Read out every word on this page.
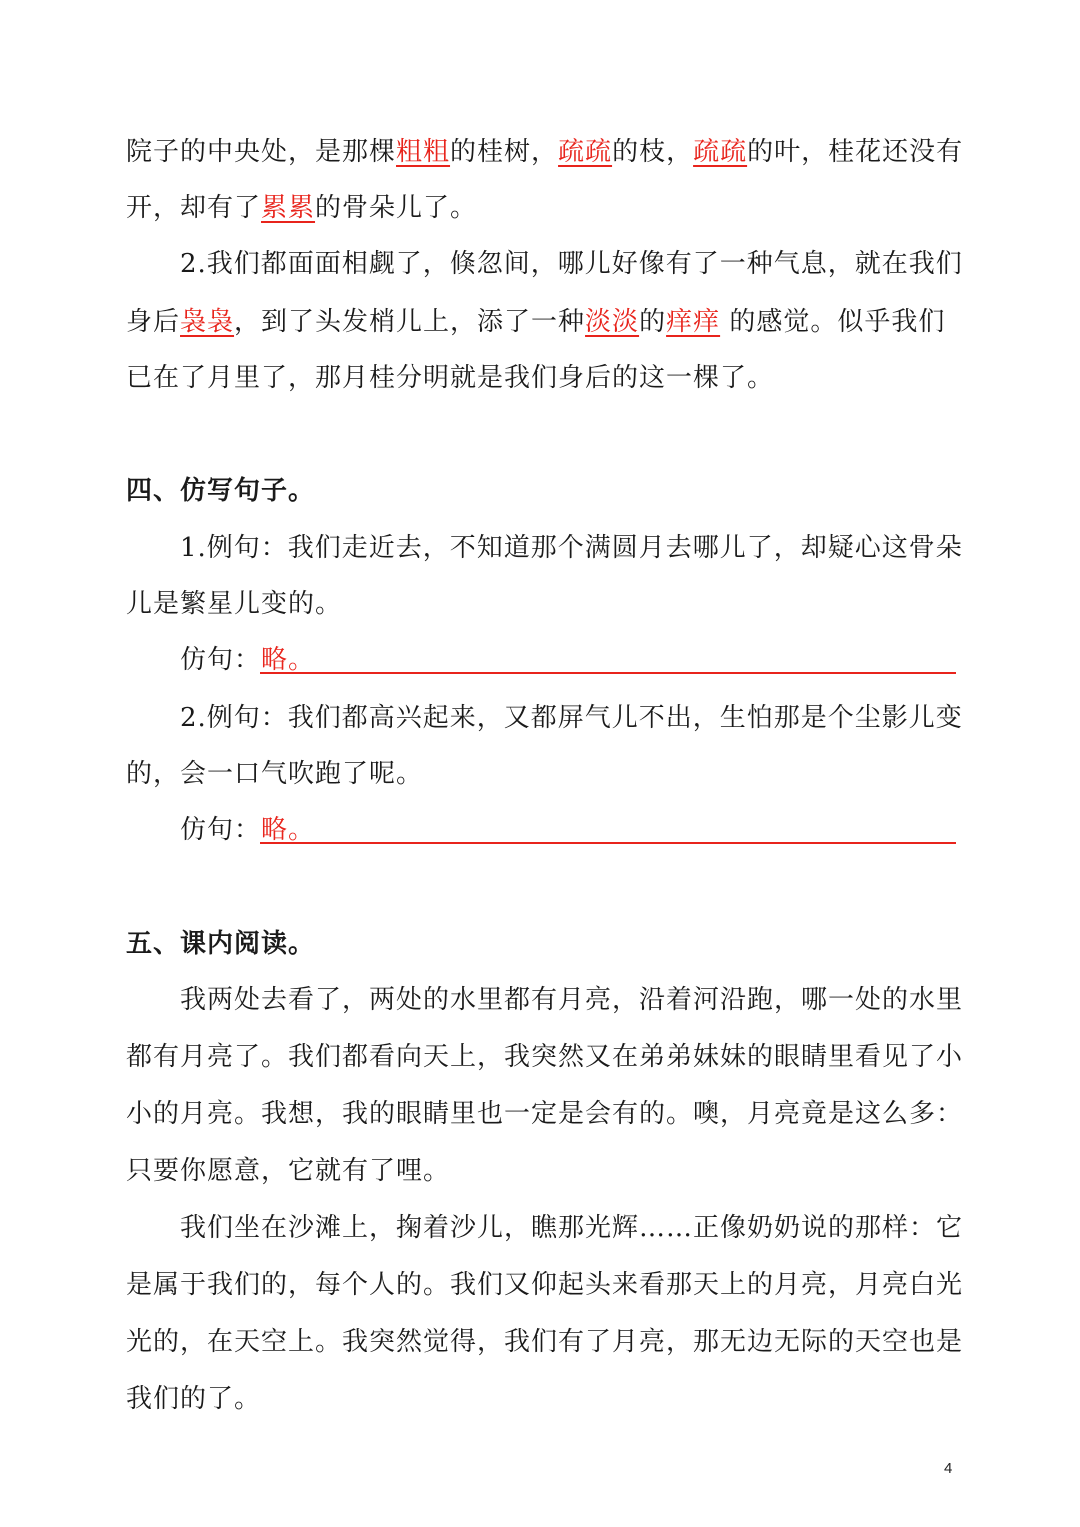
院子的中央处，是那棵粗粗的桂树，疏疏的枝，疏疏的叶，桂花还没有
开，却有了累累的骨朵儿了。
2.我们都面面相觑了，倏忽间，哪儿好像有了一种气息，就在我们
身后袅袅，到了头发梢儿上，添了一种淡淡的痒痒 的感觉。似乎我们
已在了月里了，那月桂分明就是我们身后的这一棵了。
四、仿写句子。
1.例句：我们走近去，不知道那个满圆月去哪儿了，却疑心这骨朵
儿是繁星儿变的。
仿句：略。
2.例句：我们都高兴起来，又都屏气儿不出，生怕那是个尘影儿变
的，会一口气吹跑了呢。
仿句：略。
五、课内阅读。
我两处去看了，两处的水里都有月亮，沿着河沿跑，哪一处的水里
都有月亮了。我们都看向天上，我突然又在弟弟妹妹的眼睛里看见了小
小的月亮。我想，我的眼睛里也一定是会有的。噢，月亮竟是这么多：
只要你愿意，它就有了哩。
我们坐在沙滩上，掬着沙儿，瞧那光辉……正像奶奶说的那样：它
是属于我们的，每个人的。我们又仰起头来看那天上的月亮，月亮白光
光的，在天空上。我突然觉得，我们有了月亮，那无边无际的天空也是
我们的了。
4
